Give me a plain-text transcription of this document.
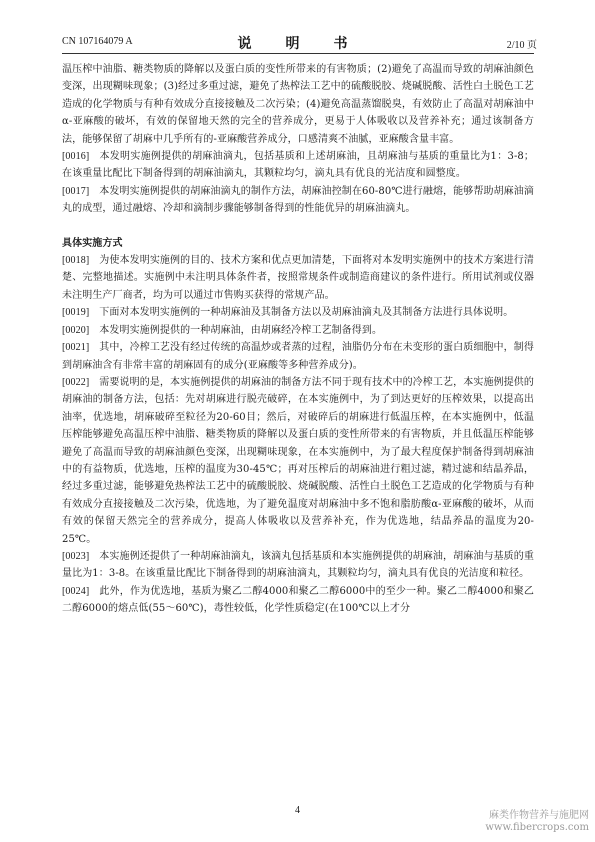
CN 107164079 A	说　明　书	2/10 页

温压榨中油脂、糖类物质的降解以及蛋白质的变性所带来的有害物质；(2)避免了高温而导致的胡麻油颜色变深，出现糊味现象；(3)经过多重过滤，避免了热榨法工艺中的硫酸脱胶、烧碱脱酸、活性白土脱色工艺造成的化学物质与有种有效成分直接接触及二次污染；(4)避免高温蒸馏脱臭，有效防止了高温对胡麻油中α-亚麻酸的破坏，有效的保留地天然的完全的营养成分，更易于人体吸收以及营养补充；通过该制备方法，能够保留了胡麻中几乎所有的-亚麻酸营养成分，口感清爽不油腻，亚麻酸含量丰富。

[0016] 本发明实施例提供的胡麻油滴丸，包括基质和上述胡麻油，且胡麻油与基质的重量比为1：3-8；在该重量比配比下制备得到的胡麻油滴丸，其颗粒均匀，滴丸具有优良的光洁度和圆整度。

[0017] 本发明实施例提供的胡麻油滴丸的制作方法，胡麻油控制在60-80℃进行融熔，能够帮助胡麻油滴丸的成型，通过融熔、冷却和滴制步骤能够制备得到的性能优异的胡麻油滴丸。

具体实施方式

[0018] 为使本发明实施例的目的、技术方案和优点更加清楚，下面将对本发明实施例中的技术方案进行清楚、完整地描述。实施例中未注明具体条件者，按照常规条件或制造商建议的条件进行。所用试剂或仪器未注明生产厂商者，均为可以通过市售购买获得的常规产品。

[0019] 下面对本发明实施例的一种胡麻油及其制备方法以及胡麻油滴丸及其制备方法进行具体说明。

[0020] 本发明实施例提供的一种胡麻油，由胡麻经冷榨工艺制备得到。

[0021] 其中，冷榨工艺没有经过传统的高温炒或者蒸的过程，油脂仍分布在未变形的蛋白质细胞中，制得到胡麻油含有非常丰富的胡麻固有的成分(亚麻酸等多种营养成分)。

[0022] 需要说明的是，本实施例提供的胡麻油的制备方法不同于现有技术中的冷榨工艺，本实施例提供的胡麻油的制备方法，包括：先对胡麻进行脱壳破碎，在本实施例中，为了到达更好的压榨效果，以提高出油率，优选地，胡麻破碎至粒径为20-60目；然后，对破碎后的胡麻进行低温压榨，在本实施例中，低温压榨能够避免高温压榨中油脂、糖类物质的降解以及蛋白质的变性所带来的有害物质，并且低温压榨能够避免了高温而导致的胡麻油颜色变深，出现糊味现象，在本实施例中，为了最大程度保护制备得到胡麻油中的有益物质，优选地，压榨的温度为30-45℃；再对压榨后的胡麻油进行粗过滤，精过滤和结晶养晶，经过多重过滤，能够避免热榨法工艺中的硫酸脱胶、烧碱脱酸、活性白土脱色工艺造成的化学物质与有种有效成分直接接触及二次污染，优选地，为了避免温度对胡麻油中多不饱和脂肪酸α-亚麻酸的破坏，从而有效的保留天然完全的营养成分，提高人体吸收以及营养补充，作为优选地，结晶养晶的温度为20-25℃。

[0023] 本实施例还提供了一种胡麻油滴丸，该滴丸包括基质和本实施例提供的胡麻油，胡麻油与基质的重量比为1：3-8。在该重量比配比下制备得到的胡麻油滴丸，其颗粒均匀，滴丸具有优良的光洁度和粒径。

[0024] 此外，作为优选地，基质为聚乙二醇4000和聚乙二醇6000中的至少一种。聚乙二醇4000和聚乙二醇6000的熔点低(55～60℃)，毒性较低，化学性质稳定(在100℃以上才分

4	麻类作物营养与施肥网
www.fibercrops.com
